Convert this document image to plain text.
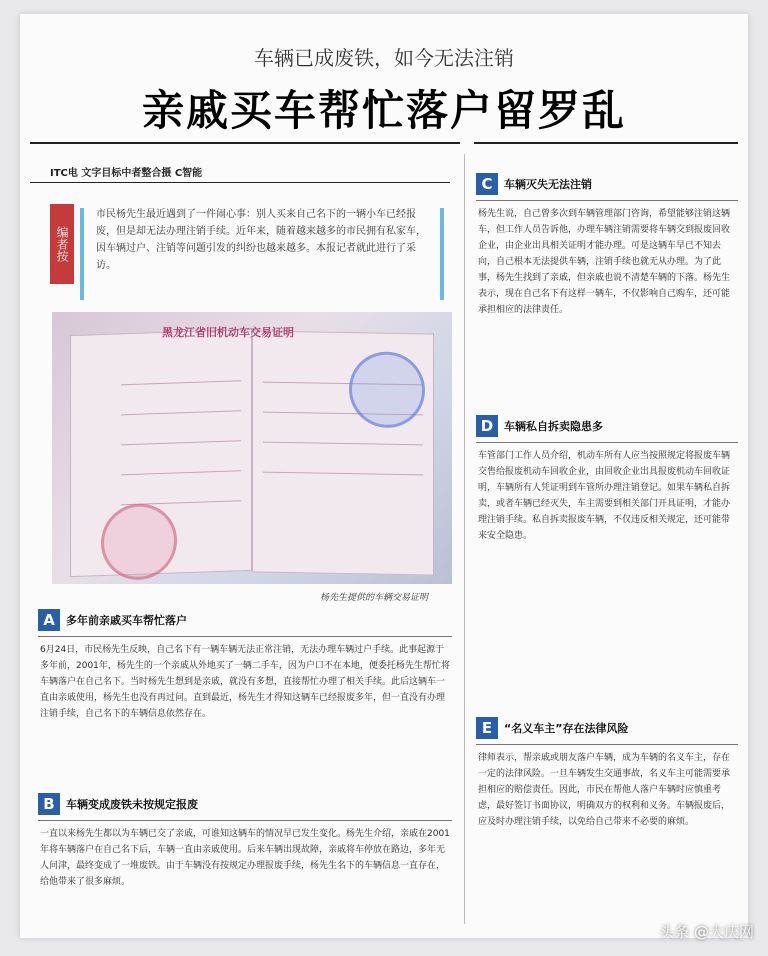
车辆已成废铁，如今无法注销
亲戚买车帮忙落户留罗乱
ITC电 文字目标中者整合摄 C智能
编者按
市民杨先生最近遇到了一件闹心事：别人买来自己名下的一辆小车已经报废，但是却无法办理注销手续。近年来，随着越来越多的市民拥有私家车，因车辆过户、注销等问题引发的纠纷也越来越多。本报记者就此进行了采访。
黑龙江省旧机动车交易证明
杨先生提供的车辆交易证明
A	多年前亲戚买车帮忙落户
6月24日，市民杨先生反映，自己名下有一辆车辆无法正常注销，无法办理车辆过户手续。此事起源于多年前，2001年，杨先生的一个亲戚从外地买了一辆二手车，因为户口不在本地，便委托杨先生帮忙将车辆落户在自己名下。当时杨先生想到是亲戚，就没有多想，直接帮忙办理了相关手续。此后这辆车一直由亲戚使用，杨先生也没有再过问。直到最近，杨先生才得知这辆车已经报废多年，但一直没有办理注销手续，自己名下的车辆信息依然存在。
B	车辆变成废铁未按规定报废
一直以来杨先生都以为车辆已交了亲戚，可谁知这辆车的情况早已发生变化。杨先生介绍，亲戚在2001年将车辆落户在自己名下后，车辆一直由亲戚使用。后来车辆出现故障，亲戚将车停放在路边，多年无人问津，最终变成了一堆废铁。由于车辆没有按规定办理报废手续，杨先生名下的车辆信息一直存在，给他带来了很多麻烦。
C	车辆灭失无法注销
杨先生说，自己曾多次到车辆管理部门咨询，希望能够注销这辆车，但工作人员告诉他，办理车辆注销需要将车辆交到报废回收企业，由企业出具相关证明才能办理。可是这辆车早已不知去向，自己根本无法提供车辆，注销手续也就无从办理。为了此事，杨先生找到了亲戚，但亲戚也说不清楚车辆的下落。杨先生表示，现在自己名下有这样一辆车，不仅影响自己购车，还可能承担相应的法律责任。
D 车辆私自拆卖隐患多
车管部门工作人员介绍，机动车所有人应当按照规定将报废车辆交售给报废机动车回收企业，由回收企业出具报废机动车回收证明，车辆所有人凭证明到车管所办理注销登记。如果车辆私自拆卖，或者车辆已经灭失，车主需要到相关部门开具证明，才能办理注销手续。私自拆卖报废车辆，不仅违反相关规定，还可能带来安全隐患。
E	“名义车主”存在法律风险
律师表示，帮亲戚或朋友落户车辆，成为车辆的名义车主，存在一定的法律风险。一旦车辆发生交通事故，名义车主可能需要承担相应的赔偿责任。因此，市民在帮他人落户车辆时应慎重考虑，最好签订书面协议，明确双方的权利和义务。车辆报废后，应及时办理注销手续，以免给自己带来不必要的麻烦。
头条 @大庆网
